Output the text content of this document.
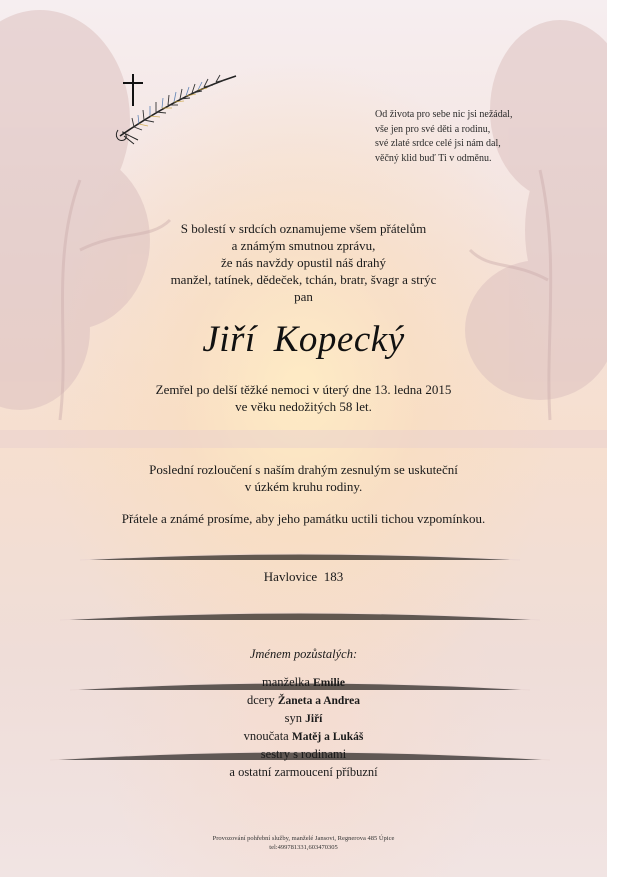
Od života pro sebe nic jsi nežádal,
vše jen pro své děti a rodinu,
své zlaté srdce celé jsi nám dal,
věčný klid buď Ti v odměnu.
S bolestí v srdcích oznamujeme všem přátelům
a známým smutnou zprávu,
že nás navždy opustil náš drahý
manžel, tatínek, dědeček, tchán, bratr, švagr a strýc
pan
Jiří Kopecký
Zemřel po delší těžké nemoci v úterý dne 13. ledna 2015
ve věku nedožitých 58 let.
Poslední rozloučení s naším drahým zesnulým se uskuteční
v úzkém kruhu rodiny.
Přátele a známé prosíme, aby jeho památku uctili tichou vzpomínkou.
Havlovice  183
Jménem pozůstalých:
manželka Emilie
dcery Žaneta a Andrea
syn Jiří
vnoučata Matěj a Lukáš
sestry s rodinami
a ostatní zarmoucení příbuzní
Provozování pohřební služby, manželé Jansovi, Regnerova 485 Úpice
tel:499781331,603470305
